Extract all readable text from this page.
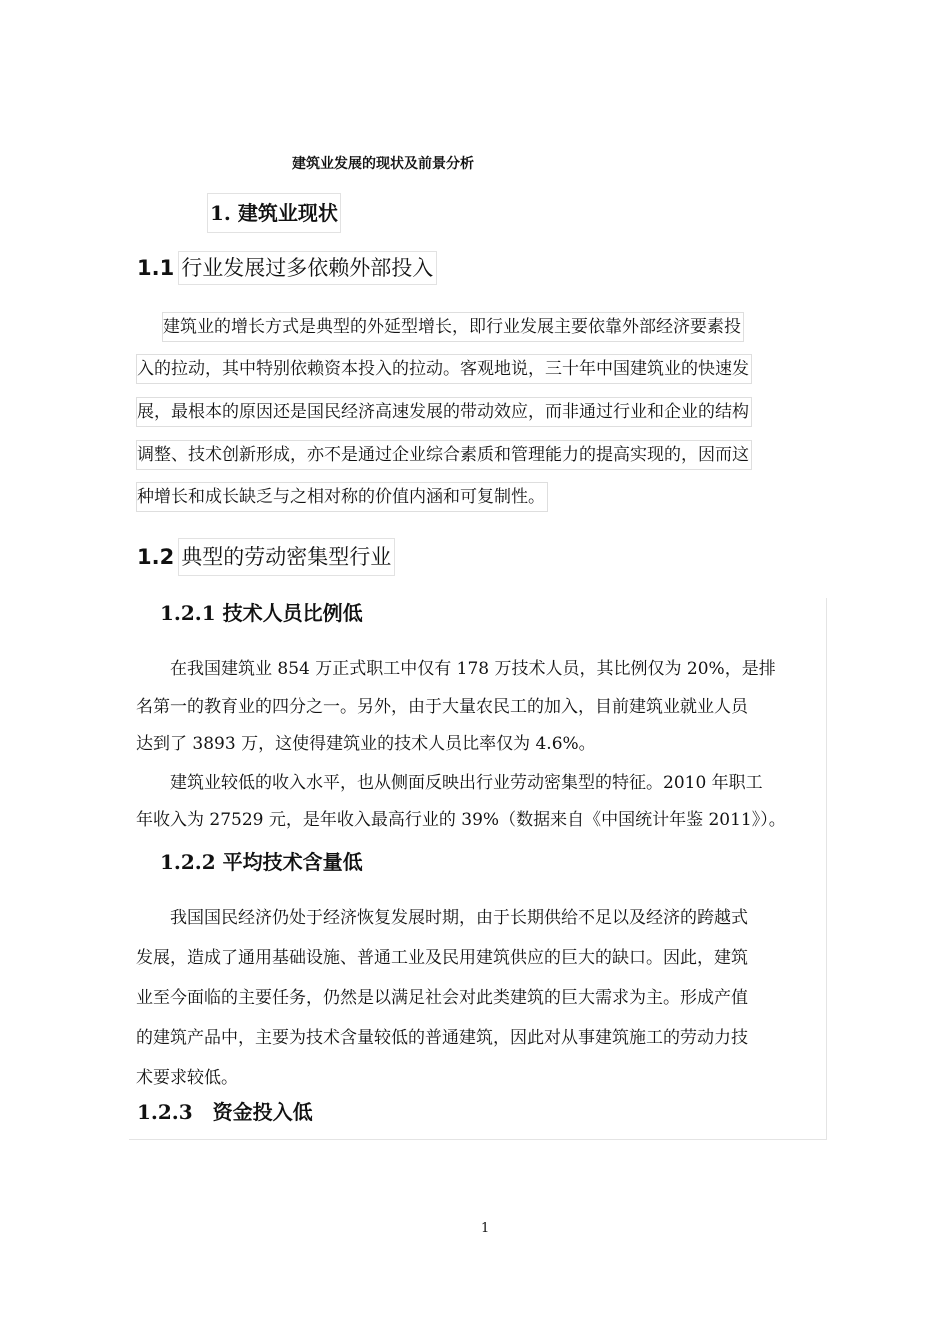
建筑业发展的现状及前景分析
1. 建筑业现状
1.1 行业发展过多依赖外部投入
建筑业的增长方式是典型的外延型增长，即行业发展主要依靠外部经济要素投
入的拉动，其中特别依赖资本投入的拉动。客观地说，三十年中国建筑业的快速发
展，最根本的原因还是国民经济高速发展的带动效应，而非通过行业和企业的结构
调整、技术创新形成，亦不是通过企业综合素质和管理能力的提高实现的，因而这
种增长和成长缺乏与之相对称的价值内涵和可复制性。
1.2 典型的劳动密集型行业
1.2.1 技术人员比例低
在我国建筑业 854 万正式职工中仅有 178 万技术人员，其比例仅为 20%，是排
名第一的教育业的四分之一。另外，由于大量农民工的加入，目前建筑业就业人员
达到了 3893 万，这使得建筑业的技术人员比率仅为 4.6%。
建筑业较低的收入水平，也从侧面反映出行业劳动密集型的特征。2010 年职工
年收入为 27529 元，是年收入最高行业的 39%（数据来自《中国统计年鉴 2011》）。
1.2.2 平均技术含量低
我国国民经济仍处于经济恢复发展时期，由于长期供给不足以及经济的跨越式
发展，造成了通用基础设施、普通工业及民用建筑供应的巨大的缺口。因此，建筑
业至今面临的主要任务，仍然是以满足社会对此类建筑的巨大需求为主。形成产值
的建筑产品中，主要为技术含量较低的普通建筑，因此对从事建筑施工的劳动力技
术要求较低。
1.2.3　资金投入低
1
